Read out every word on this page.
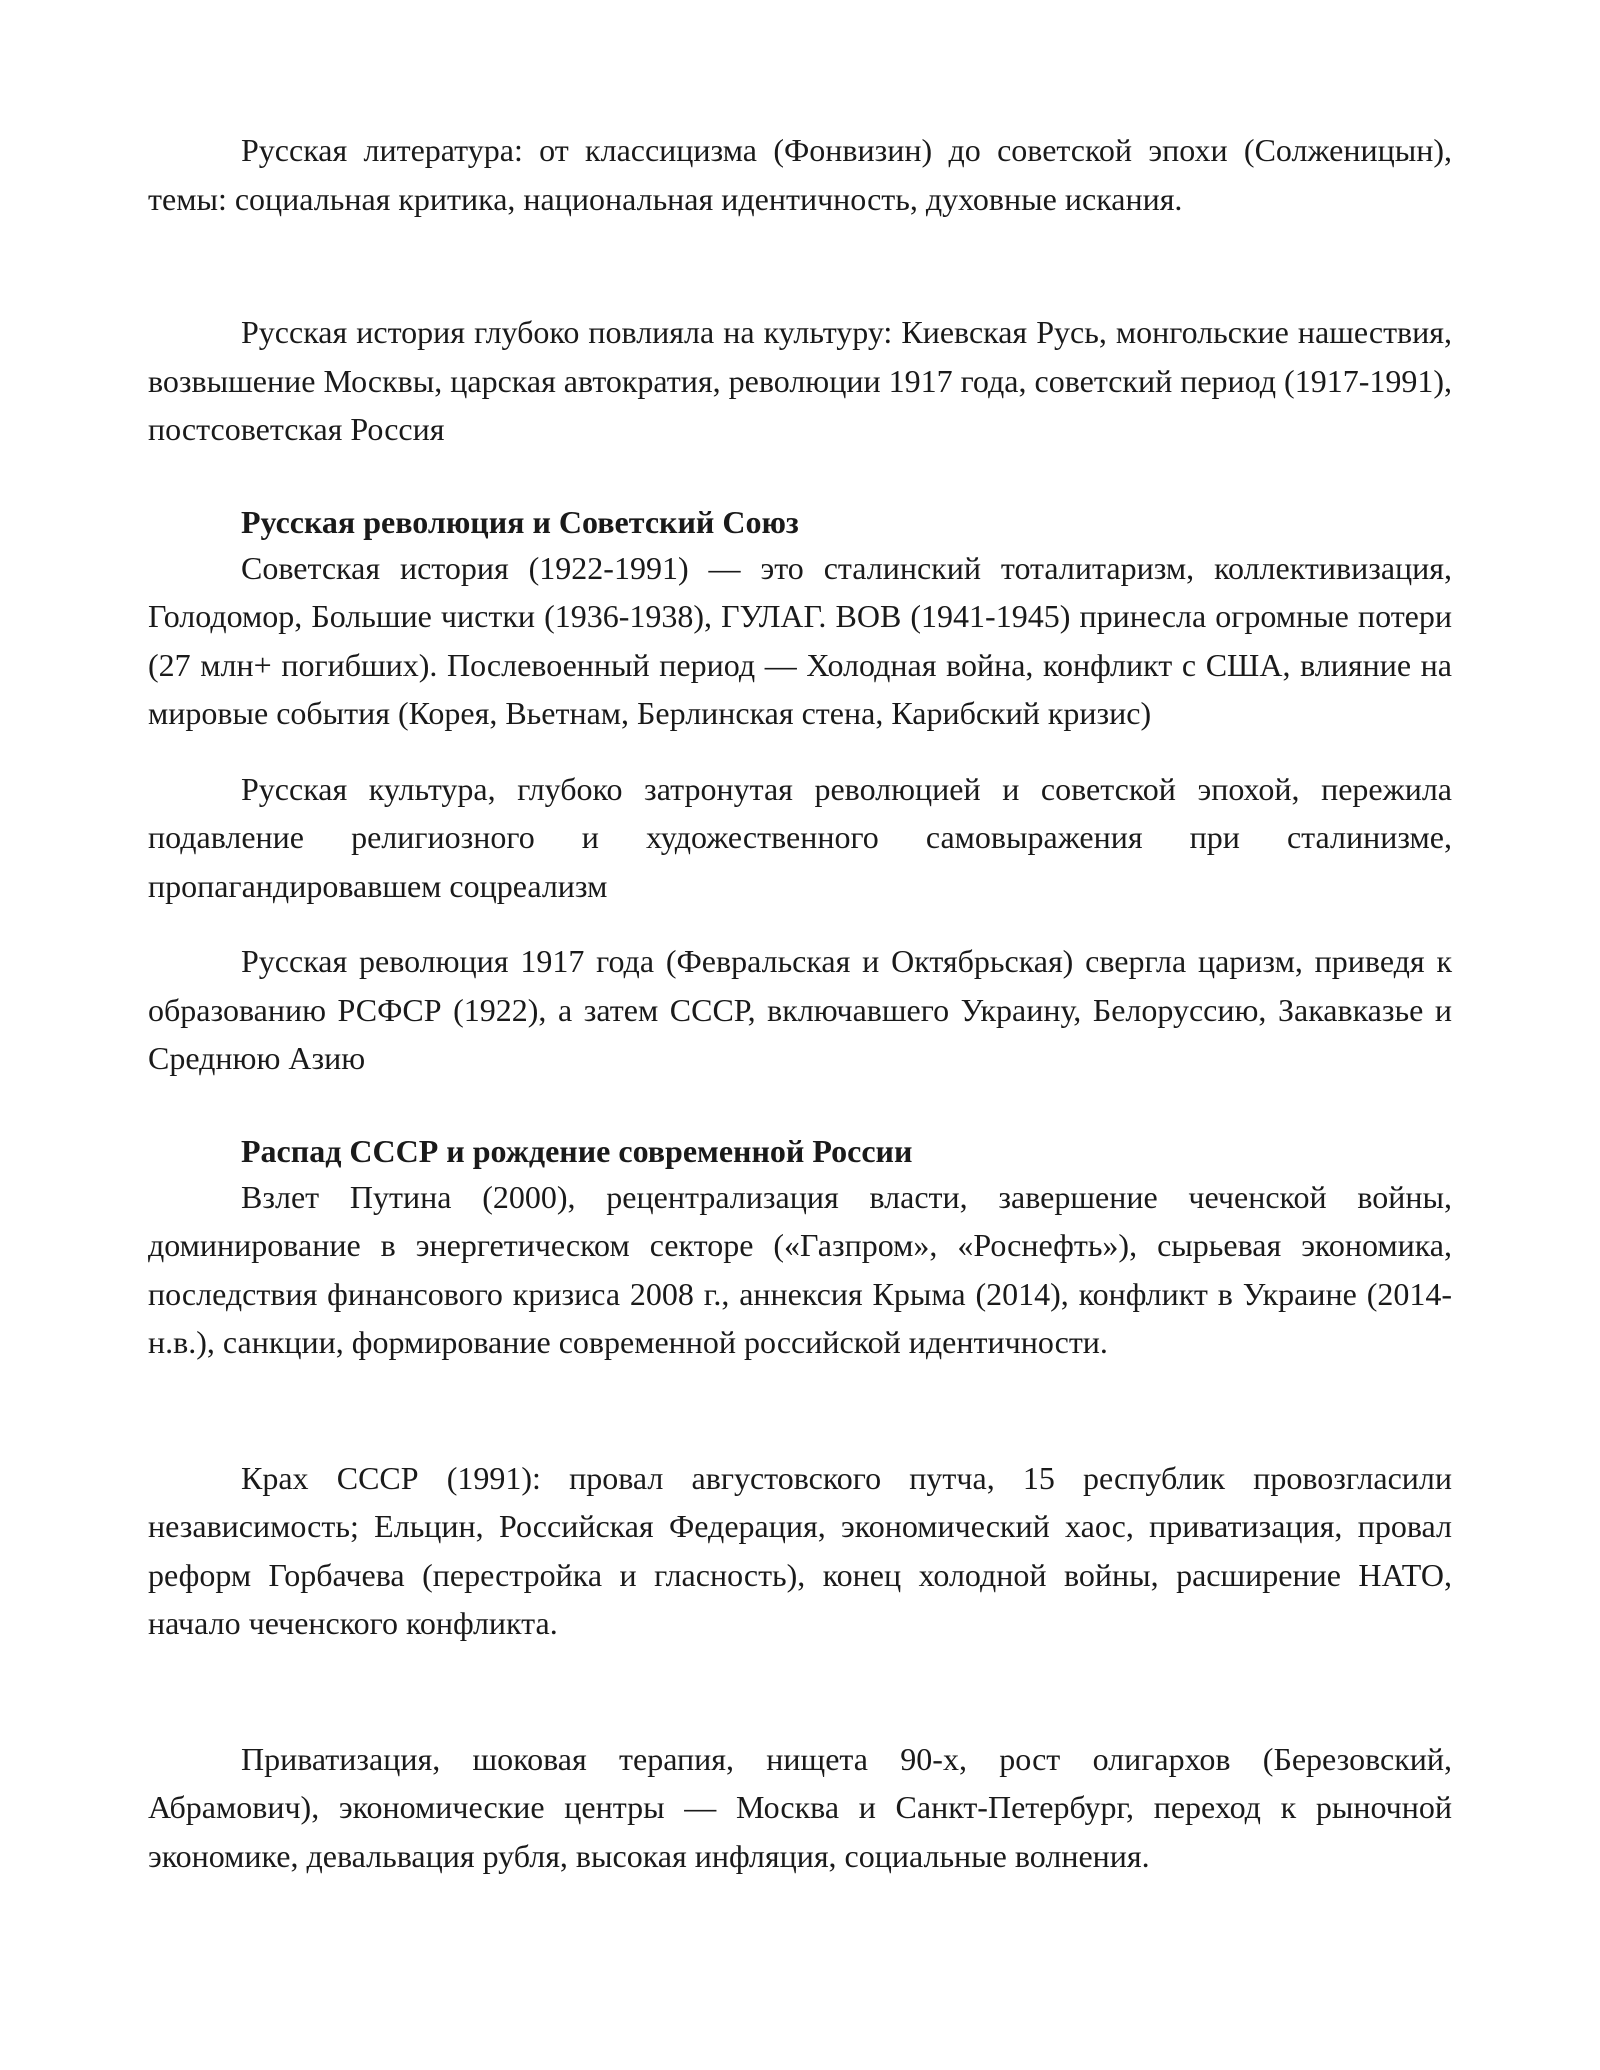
Русская литература: от классицизма (Фонвизин) до советской эпохи (Солженицын), темы: социальная критика, национальная идентичность, духовные искания.

Русская история глубоко повлияла на культуру: Киевская Русь, монгольские нашествия, возвышение Москвы, царская автократия, революции 1917 года, советский период (1917-1991), постсоветская Россия

Русская революция и Советский Союз

Советская история (1922-1991) — это сталинский тоталитаризм, коллективизация, Голодомор, Большие чистки (1936-1938), ГУЛАГ. ВОВ (1941-1945) принесла огромные потери (27 млн+ погибших). Послевоенный период — Холодная война, конфликт с США, влияние на мировые события (Корея, Вьетнам, Берлинская стена, Карибский кризис)

Русская культура, глубоко затронутая революцией и советской эпохой, пережила подавление религиозного и художественного самовыражения при сталинизме, пропагандировавшем соцреализм

Русская революция 1917 года (Февральская и Октябрьская) свергла царизм, приведя к образованию РСФСР (1922), а затем СССР, включавшего Украину, Белоруссию, Закавказье и Среднюю Азию

Распад СССР и рождение современной России

Взлет Путина (2000), рецентрализация власти, завершение чеченской войны, доминирование в энергетическом секторе («Газпром», «Роснефть»), сырьевая экономика, последствия финансового кризиса 2008 г., аннексия Крыма (2014), конфликт в Украине (2014-н.в.), санкции, формирование современной российской идентичности.

Крах СССР (1991): провал августовского путча, 15 республик провозгласили независимость; Ельцин, Российская Федерация, экономический хаос, приватизация, провал реформ Горбачева (перестройка и гласность), конец холодной войны, расширение НАТО, начало чеченского конфликта.

Приватизация, шоковая терапия, нищета 90-х, рост олигархов (Березовский, Абрамович), экономические центры — Москва и Санкт-Петербург, переход к рыночной экономике, девальвация рубля, высокая инфляция, социальные волнения.
